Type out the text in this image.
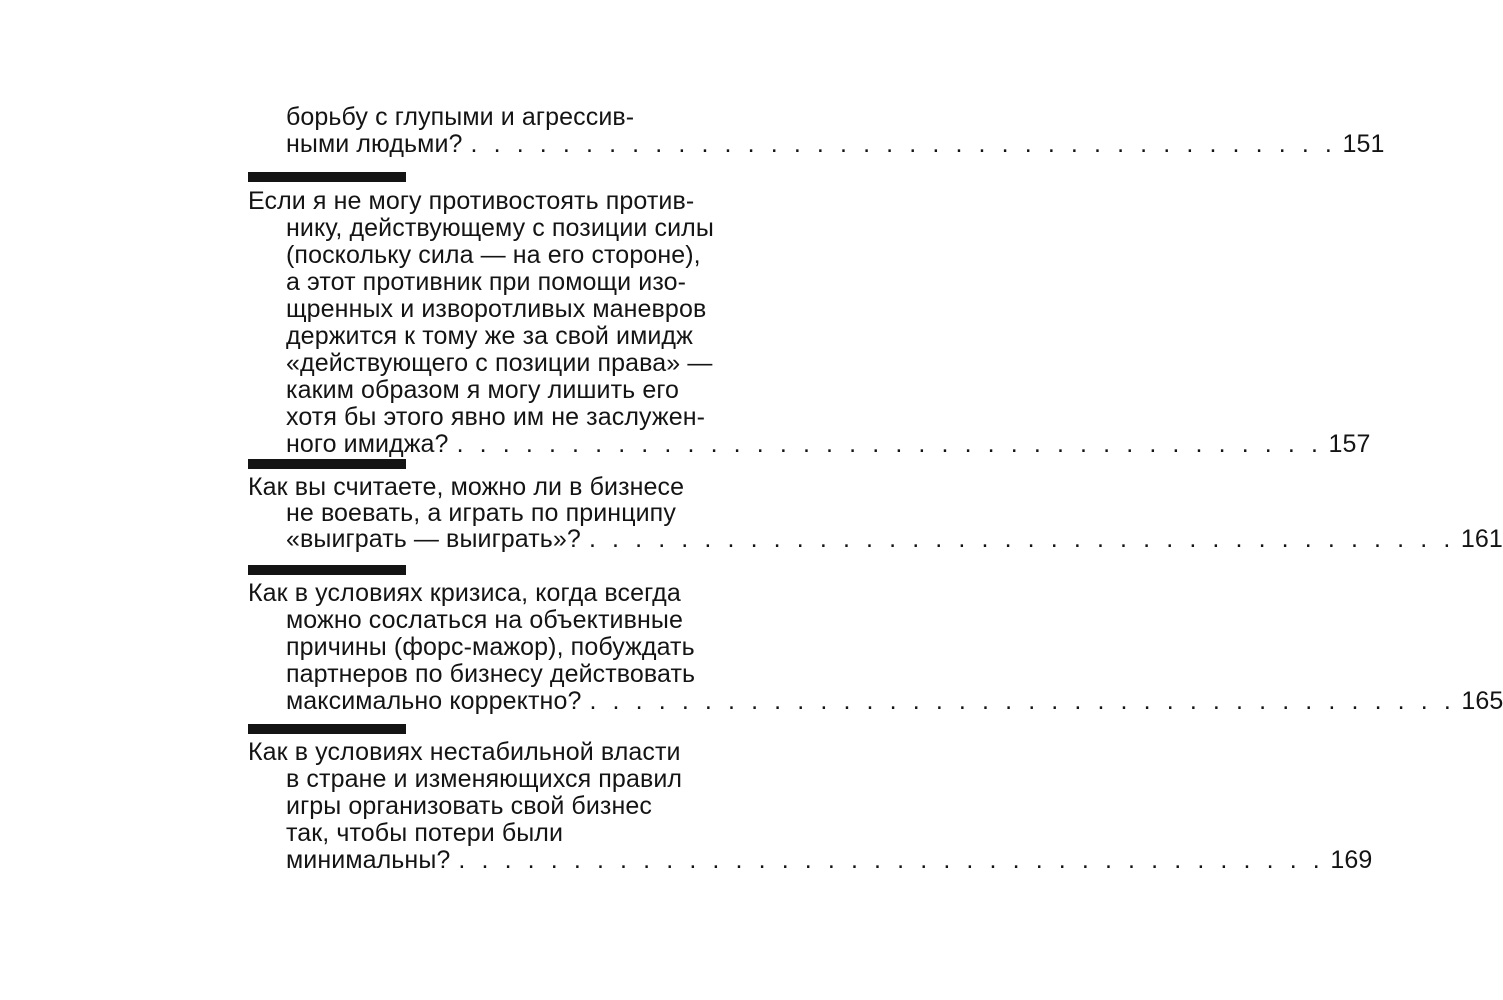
борьбу с глупыми и агрессив-
ными людьми? . . . . . . . . . . . . . . . . . . . . . . . . . . . . . . . . . . . . . . 151
Если я не могу противостоять против-
нику, действующему с позиции силы
(поскольку сила — на его стороне),
а этот противник при помощи изо-
щренных и изворотливых маневров
держится к тому же за свой имидж
«действующего с позиции права» —
каким образом я могу лишить его
хотя бы этого явно им не заслужен-
ного имиджа? . . . . . . . . . . . . . . . . . . . . . . . . . . . . . . . . . . . . . . 157
Как вы считаете, можно ли в бизнесе
не воевать, а играть по принципу
«выиграть — выиграть»? . . . . . . . . . . . . . . . . . . . . . . . . . . . . . . . . . . . . . . 161
Как в условиях кризиса, когда всегда
можно сослаться на объективные
причины (форс-мажор), побуждать
партнеров по бизнесу действовать
максимально корректно? . . . . . . . . . . . . . . . . . . . . . . . . . . . . . . . . . . . . . . 165
Как в условиях нестабильной власти
в стране и изменяющихся правил
игры организовать свой бизнес
так, чтобы потери были
минимальны? . . . . . . . . . . . . . . . . . . . . . . . . . . . . . . . . . . . . . . 169
